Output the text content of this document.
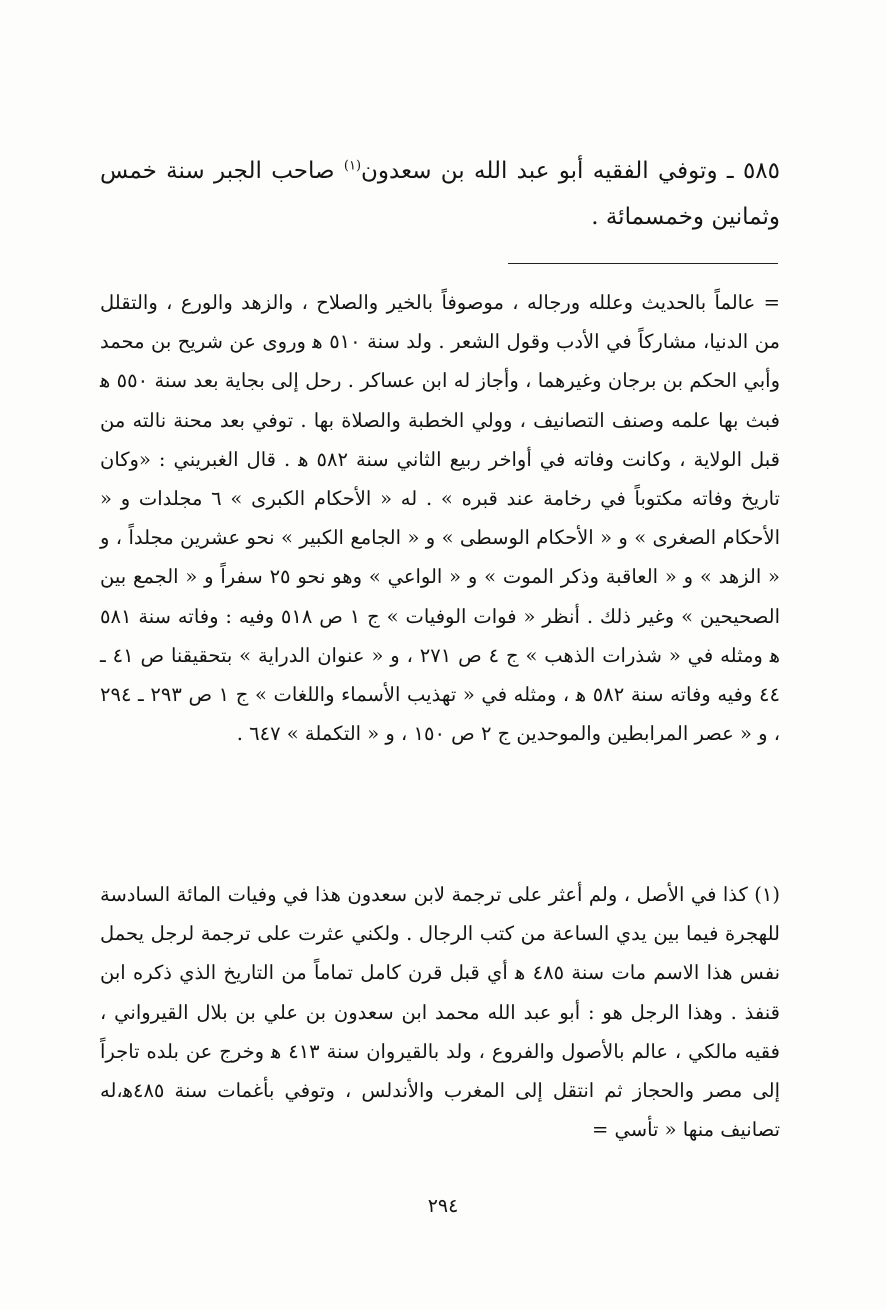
٥٨٥ ـ وتوفي الفقيه أبو عبد الله بن سعدون$^{(١)}$ صاحب الجبر سنة خمس وثمانين وخمسمائة .

= عالماً بالحديث وعلله ورجاله ، موصوفاً بالخير والصلاح ، والزهد والورع ، والتقلل من الدنيا، مشاركاً في الأدب وقول الشعر . ولد سنة ٥١٠ ﻫ وروى عن شريح بن محمد وأبي الحكم بن برجان وغيرهما ، وأجاز له ابن عساكر . رحل إلى بجاية بعد سنة ٥٥٠ ﻫ فبث بها علمه وصنف التصانيف ، وولي الخطبة والصلاة بها . توفي بعد محنة نالته من قبل الولاية ، وكانت وفاته في أواخر ربيع الثاني سنة ٥٨٢ ﻫ . قال الغبريني : «وكان تاريخ وفاته مكتوباً في رخامة عند قبره » . له « الأحكام الكبرى » ٦ مجلدات و « الأحكام الصغرى » و « الأحكام الوسطى » و « الجامع الكبير » نحو عشرين مجلداً ، و « الزهد » و « العاقبة وذكر الموت » و « الواعي » وهو نحو ٢٥ سفراً و « الجمع بين الصحيحين » وغير ذلك . أنظر « فوات الوفيات » ج ١ ص ٥١٨ وفيه : وفاته سنة ٥٨١ ﻫ ومثله في « شذرات الذهب » ج ٤ ص ٢٧١ ، و « عنوان الدراية » بتحقيقنا ص ٤١ ـ ٤٤ وفيه وفاته سنة ٥٨٢ ﻫ ، ومثله في « تهذيب الأسماء واللغات » ج ١ ص ٢٩٣ ـ ٢٩٤ ، و « عصر المرابطين والموحدين ج ٢ ص ١٥٠ ، و « التكملة » ٦٤٧ .

(١) كذا في الأصل ، ولم أعثر على ترجمة لابن سعدون هذا في وفيات المائة السادسة للهجرة فيما بين يدي الساعة من كتب الرجال . ولكني عثرت على ترجمة لرجل يحمل نفس هذا الاسم مات سنة ٤٨٥ ﻫ أي قبل قرن كامل تماماً من التاريخ الذي ذكره ابن قنفذ . وهذا الرجل هو : أبو عبد الله محمد ابن سعدون بن علي بن بلال القيرواني ، فقيه مالكي ، عالم بالأصول والفروع ، ولد بالقيروان سنة ٤١٣ ﻫ وخرج عن بلده تاجراً إلى مصر والحجاز ثم انتقل إلى المغرب والأندلس ، وتوفي بأغمات سنة ٤٨٥ﻫ،له تصانيف منها « تأسي =

٢٩٤
